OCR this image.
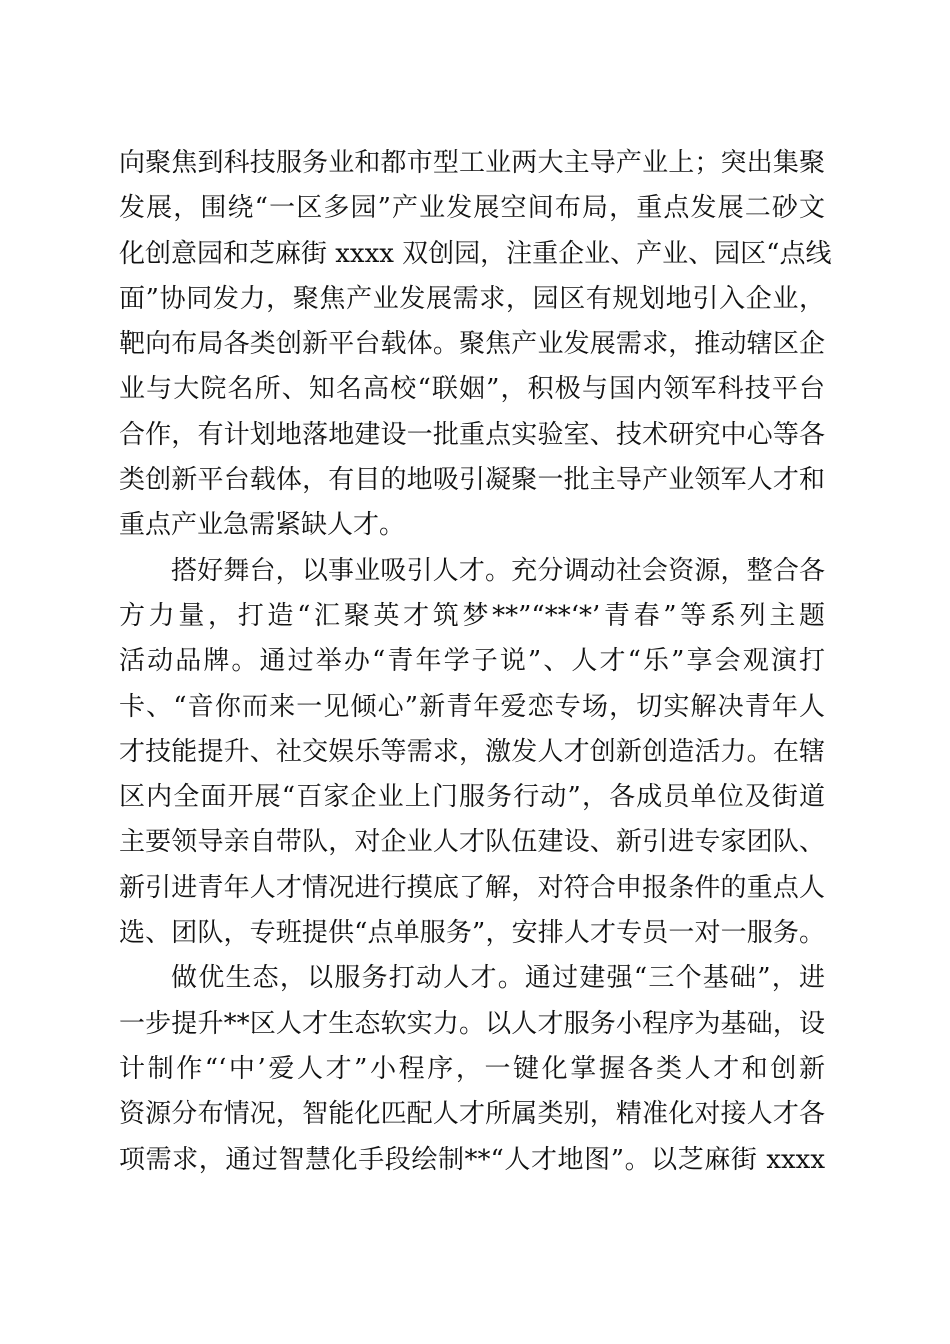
向聚焦到科技服务业和都市型工业两大主导产业上；突出集聚
发展，围绕“一区多园”产业发展空间布局，重点发展二砂文
化创意园和芝麻街 xxxx 双创园，注重企业、产业、园区“点线
面”协同发力，聚焦产业发展需求，园区有规划地引入企业，
靶向布局各类创新平台载体。聚焦产业发展需求，推动辖区企
业与大院名所、知名高校“联姻”，积极与国内领军科技平台
合作，有计划地落地建设一批重点实验室、技术研究中心等各
类创新平台载体，有目的地吸引凝聚一批主导产业领军人才和
重点产业急需紧缺人才。
搭好舞台，以事业吸引人才。充分调动社会资源，整合各
方力量，打造“汇聚英才筑梦**”“**‘*’青春”等系列主题
活动品牌。通过举办“青年学子说”、人才“乐”享会观演打
卡、“音你而来一见倾心”新青年爱恋专场，切实解决青年人
才技能提升、社交娱乐等需求，激发人才创新创造活力。在辖
区内全面开展“百家企业上门服务行动”，各成员单位及街道
主要领导亲自带队，对企业人才队伍建设、新引进专家团队、
新引进青年人才情况进行摸底了解，对符合申报条件的重点人
选、团队，专班提供“点单服务”，安排人才专员一对一服务。
做优生态，以服务打动人才。通过建强“三个基础”，进
一步提升**区人才生态软实力。以人才服务小程序为基础，设
计制作“‘中’爱人才”小程序，一键化掌握各类人才和创新
资源分布情况，智能化匹配人才所属类别，精准化对接人才各
项需求，通过智慧化手段绘制**“人才地图”。以芝麻街 xxxx
